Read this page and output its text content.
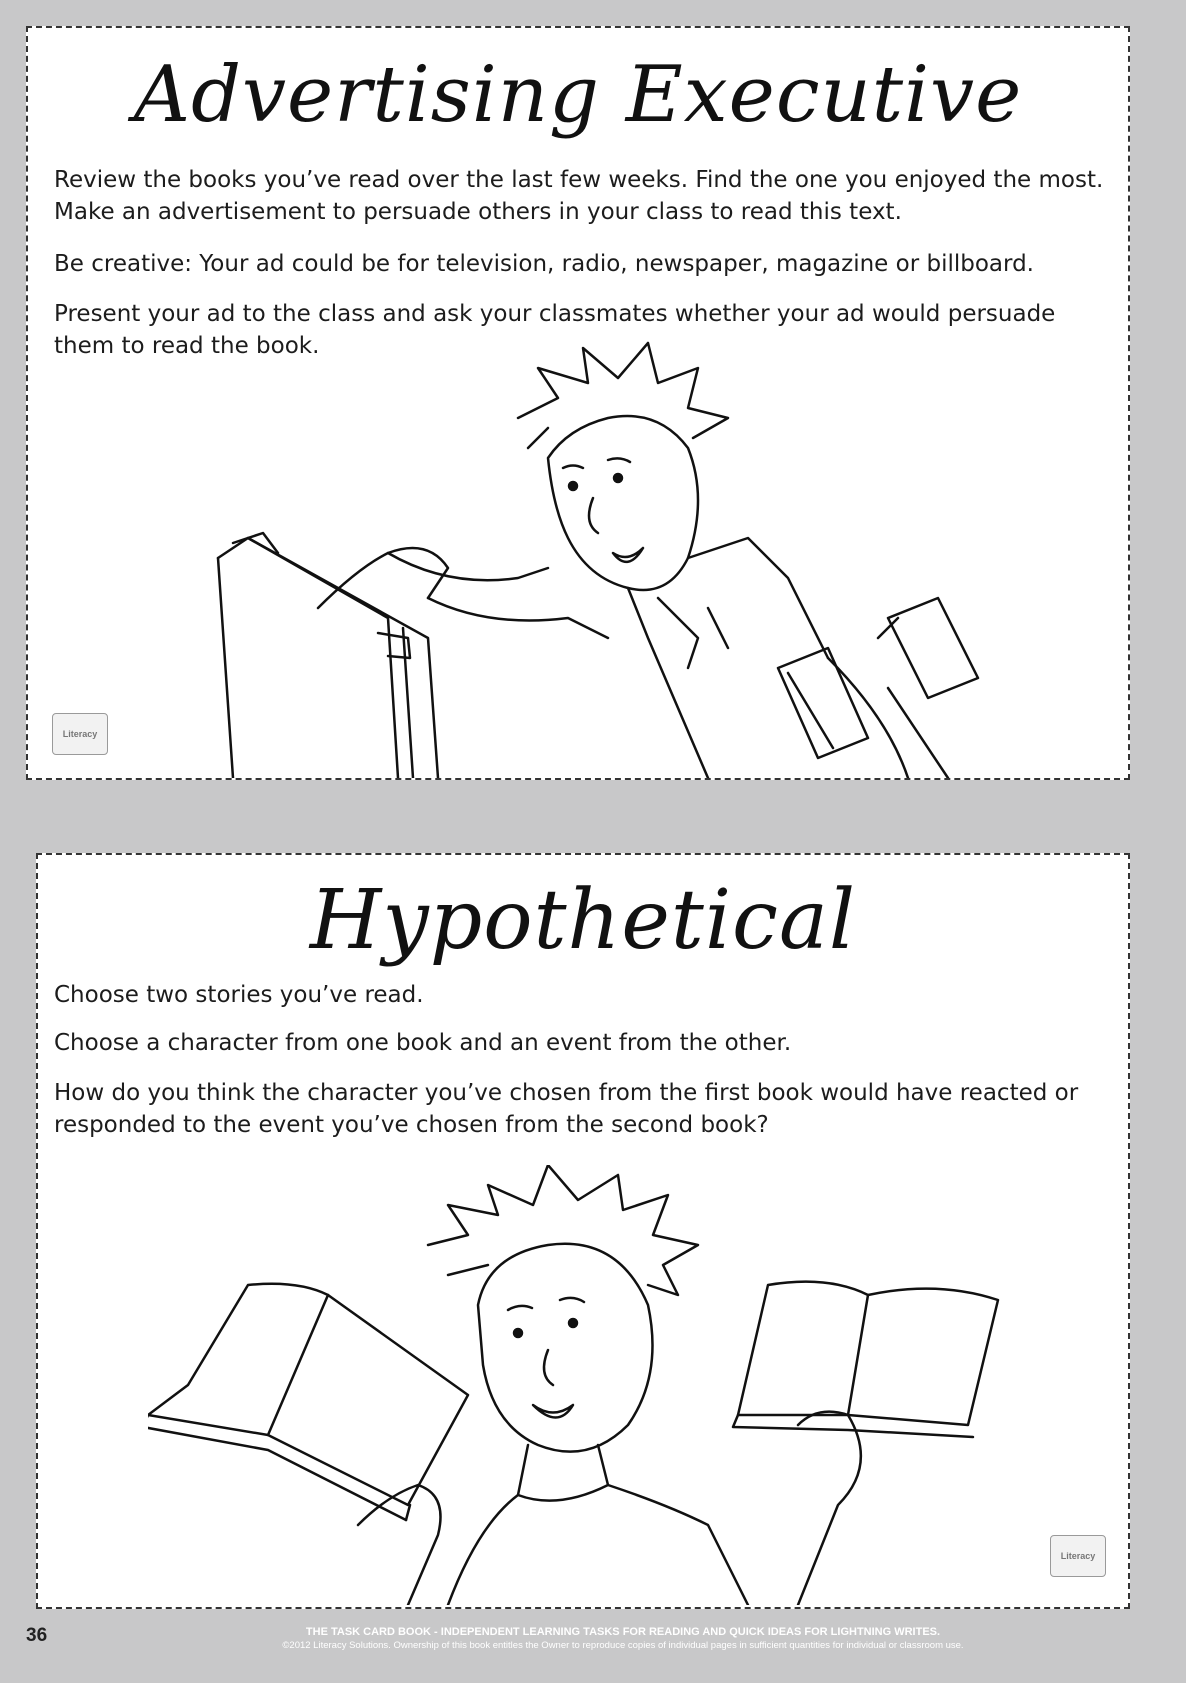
Advertising Executive

Review the books you’ve read over the last few weeks. Find the one you enjoyed the most. Make an advertisement to persuade others in your class to read this text.

Be creative: Your ad could be for television, radio, newspaper, magazine or billboard.

Present your ad to the class and ask your classmates whether your ad would persuade them to read the book.

Literacy
Hypothetical

Choose two stories you’ve read.

Choose a character from one book and an event from the other.

How do you think the character you’ve chosen from the first book would have reacted or responded to the event you’ve chosen from the second book?

Literacy
36	THE TASK CARD BOOK - INDEPENDENT LEARNING TASKS FOR READING AND QUICK IDEAS FOR LIGHTNING WRITES.
©2012 Literacy Solutions. Ownership of this book entitles the Owner to reproduce copies of individual pages in sufficient quantities for individual or classroom use.
